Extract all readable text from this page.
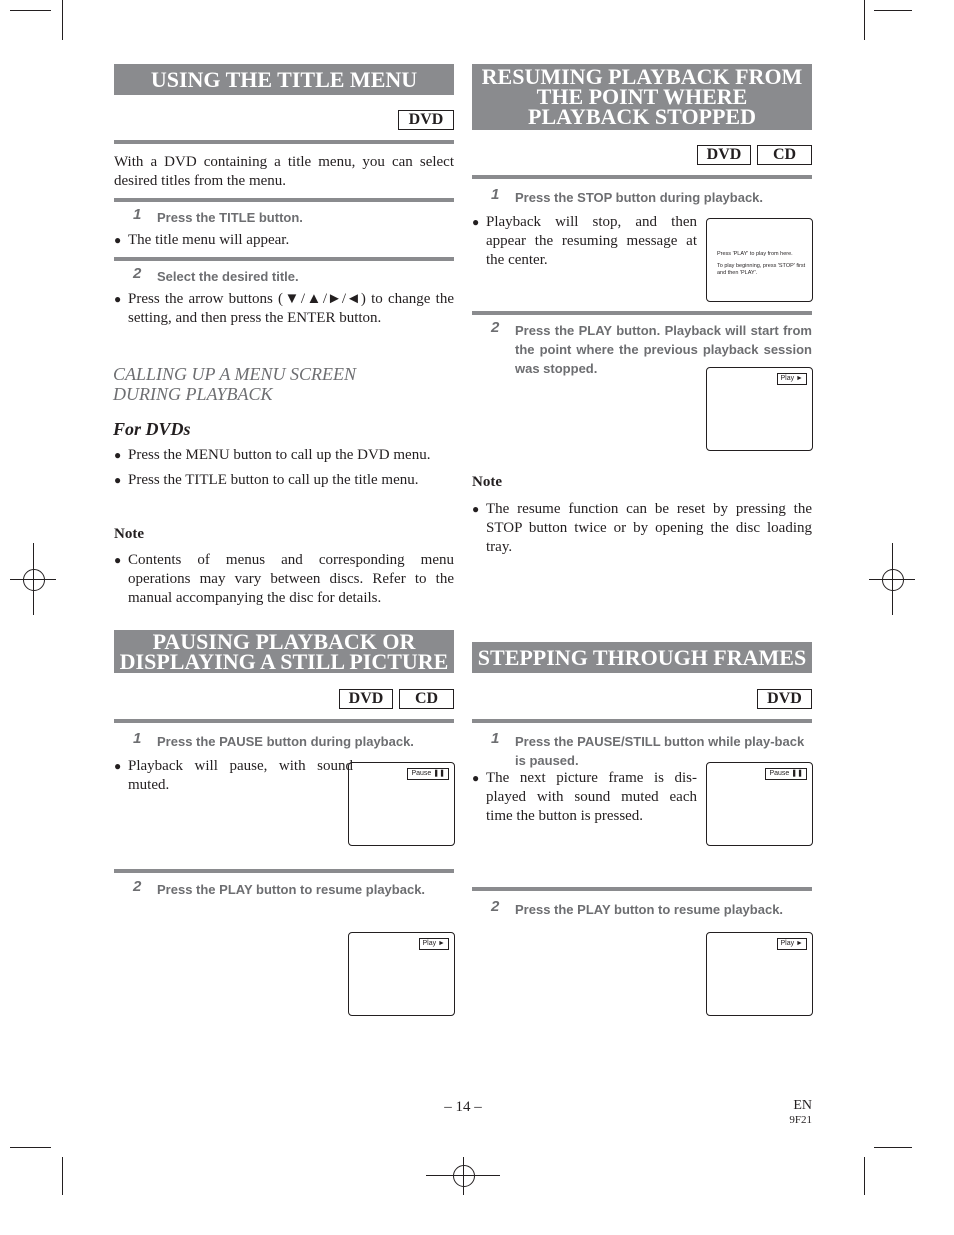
USING THE TITLE MENU
DVD
With a DVD containing a title menu, you can select desired titles from the menu.
1 Press the TITLE button.
● The title menu will appear.
2 Select the desired title.
● Press the arrow buttons (▼/▲/►/◄) to change the setting, and then press the ENTER button.
CALLING UP A MENU SCREEN
DURING PLAYBACK
For DVDs
● Press the MENU button to call up the DVD menu.
● Press the TITLE button to call up the title menu.
Note
● Contents of menus and corresponding menu operations may vary between discs. Refer to the manual accompanying the disc for details.
PAUSING PLAYBACK OR
DISPLAYING A STILL PICTURE
DVD	CD
1 Press the PAUSE button during playback.
● Playback will pause, with sound muted.
Pause ❚❚
2 Press the PLAY button to resume playback.
Play ►
RESUMING PLAYBACK FROM
THE POINT WHERE
PLAYBACK STOPPED
DVD	CD
1 Press the STOP button during playback.
● Playback will stop, and then appear the resuming message at the center.	Press 'PLAY' to play from here.
To play beginning, press 'STOP' first and then 'PLAY'.
2 Press the PLAY button. Playback will start from the point where the previous playback session was stopped.
Play ►
Note
● The resume function can be reset by pressing the STOP button twice or by opening the disc loading tray.
STEPPING THROUGH FRAMES
DVD
1 Press the PAUSE/STILL button while play-back is paused.
● The next picture frame is dis-played with sound muted each time the button is pressed.
Pause ❚❚
2 Press the PLAY button to resume playback.
Play ►
– 14 –	EN
9F21
